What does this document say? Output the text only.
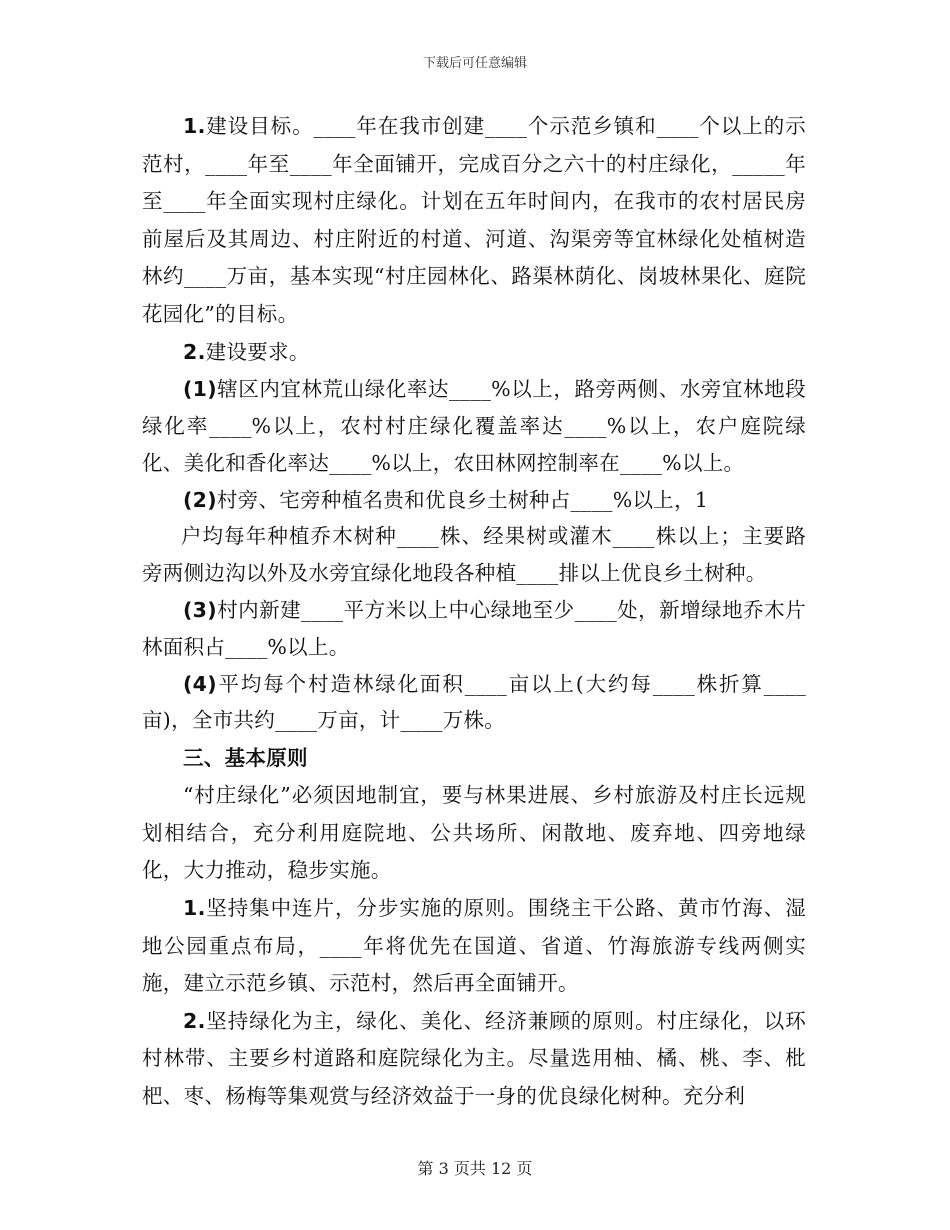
下载后可任意编辑

1.建设目标。____年在我市创建____个示范乡镇和____个以上的示范村，____年至____年全面铺开，完成百分之六十的村庄绿化，_____年至____年全面实现村庄绿化。计划在五年时间内，在我市的农村居民房前屋后及其周边、村庄附近的村道、河道、沟渠旁等宜林绿化处植树造林约____万亩，基本实现“村庄园林化、路渠林荫化、岗坡林果化、庭院花园化”的目标。

2.建设要求。

(1)辖区内宜林荒山绿化率达____%以上，路旁两侧、水旁宜林地段绿化率____%以上，农村村庄绿化覆盖率达____%以上，农户庭院绿化、美化和香化率达____%以上，农田林网控制率在____%以上。

(2)村旁、宅旁种植名贵和优良乡土树种占____%以上，1

户均每年种植乔木树种____株、经果树或灌木____株以上；主要路旁两侧边沟以外及水旁宜绿化地段各种植____排以上优良乡土树种。

(3)村内新建____平方米以上中心绿地至少____处，新增绿地乔木片林面积占____%以上。

(4)平均每个村造林绿化面积____亩以上(大约每____株折算____亩)，全市共约____万亩，计____万株。

三、基本原则

“村庄绿化”必须因地制宜，要与林果进展、乡村旅游及村庄长远规划相结合，充分利用庭院地、公共场所、闲散地、废弃地、四旁地绿化，大力推动，稳步实施。

1.坚持集中连片，分步实施的原则。围绕主干公路、黄市竹海、湿地公园重点布局，____年将优先在国道、省道、竹海旅游专线两侧实施，建立示范乡镇、示范村，然后再全面铺开。

2.坚持绿化为主，绿化、美化、经济兼顾的原则。村庄绿化，以环村林带、主要乡村道路和庭院绿化为主。尽量选用柚、橘、桃、李、枇杷、枣、杨梅等集观赏与经济效益于一身的优良绿化树种。充分利

第 3 页共 12 页
